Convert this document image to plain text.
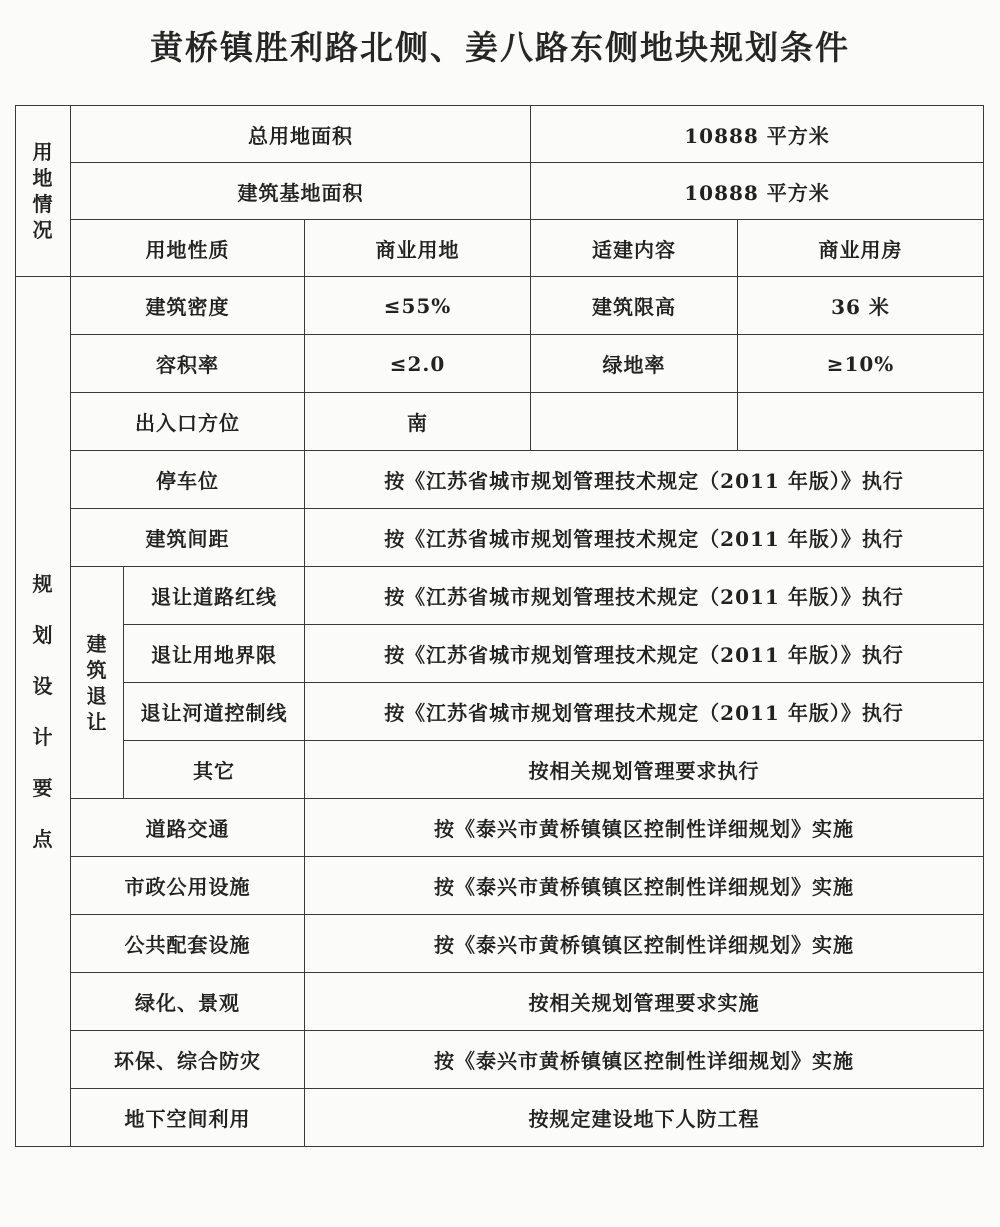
黄桥镇胜利路北侧、姜八路东侧地块规划条件
用地情况	总用地面积			10888 平方米	
	建筑基地面积			10888 平方米	
	用地性质		商业用地	适建内容	商业用房

规划设计要点	建筑密度		≤55%	建筑限高	36 米
	容积率		≤2.0	绿地率	≥10%
	出入口方位		南		
	停车位		按《江苏省城市规划管理技术规定（2011 年版）》执行		
	建筑间距		按《江苏省城市规划管理技术规定（2011 年版）》执行		

	建筑退让	退让道路红线	按《江苏省城市规划管理技术规定（2011 年版）》执行		
		退让用地界限	按《江苏省城市规划管理技术规定（2011 年版）》执行		
		退让河道控制线	按《江苏省城市规划管理技术规定（2011 年版）》执行		
		其它	按相关规划管理要求执行		
	道路交通		按《泰兴市黄桥镇镇区控制性详细规划》实施		
	市政公用设施		按《泰兴市黄桥镇镇区控制性详细规划》实施		
	公共配套设施		按《泰兴市黄桥镇镇区控制性详细规划》实施		
	绿化、景观		按相关规划管理要求实施		
	环保、综合防灾		按《泰兴市黄桥镇镇区控制性详细规划》实施		
	地下空间利用		按规定建设地下人防工程		
